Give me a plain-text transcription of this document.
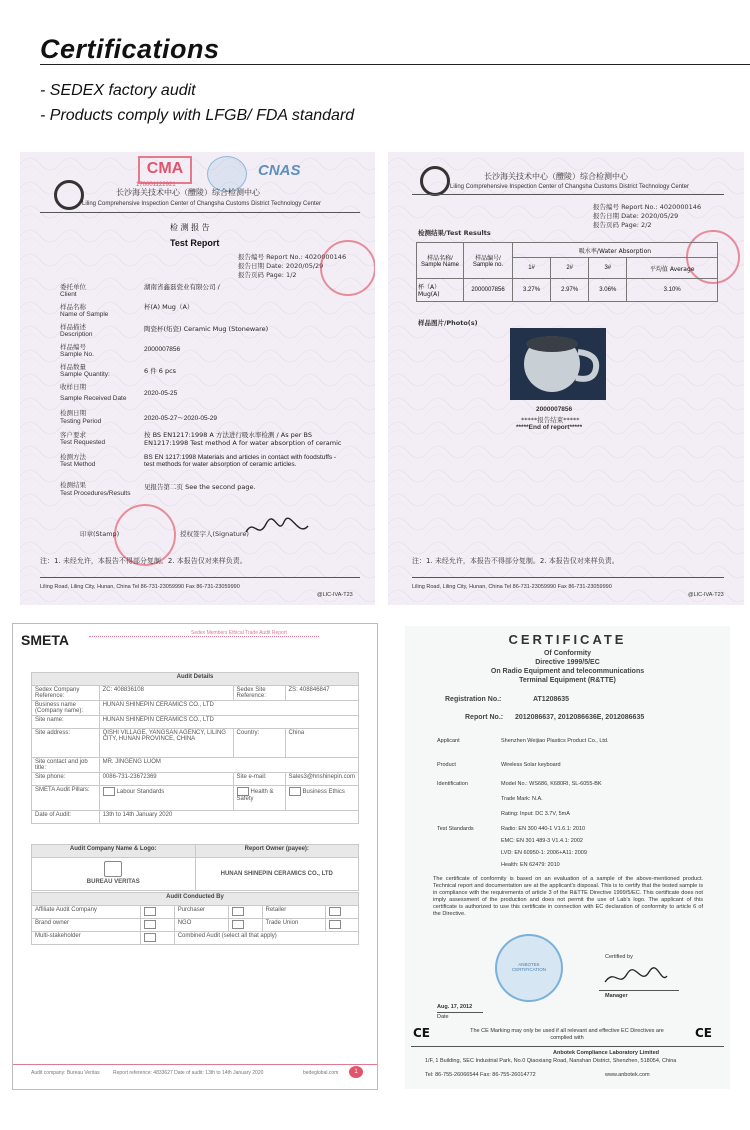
Certifications
- SEDEX factory audit
- Products comply with LFGB/ FDA standard
CMA
170001122921
CNAS
长沙海关技术中心（醴陵）综合检测中心
Liling Comprehensive Inspection Center of Changsha Customs District Technology Center
检 测 报 告
Test Report
报告编号 Report No.: 4020000146
报告日期 Date: 2020/05/29
报告页码 Page: 1/2
委托单位
Client
湖南省鑫磊瓷业有限公司 /
样品名称
Name of Sample
杯(A) Mug（A）
样品描述
Description
陶瓷杯(炻瓷) Ceramic Mug (Stoneware)
样品编号
Sample No.
2000007856
样品数量
Sample Quantity:	6 件 6 pcs
收样日期
Sample Received Date
2020-05-25
检测日期
Testing Period	2020-05-27～2020-05-29
客户要求
Test Requested
按 BS EN1217:1998 A 方法进行吸水率检测 / As per BS EN1217:1998 Test method A for water absorption of ceramic
检测方法
Test Method
BS EN 1217:1998 Materials and articles in contact with foodstuffs - test methods for water absorption of ceramic articles.
检测结果
Test Procedures/Results
见报告第二页 See the second page.
印章(Stamp)	授权签字人(Signature)
注：1. 未经允许，本报告不得部分复制。2. 本报告仅对来样负责。
Liling Road, Liling City, Hunan, China Tel 86-731-23059990 Fax 86-731-23059990
@LIC-IVA-T23
长沙海关技术中心（醴陵）综合检测中心
Liling Comprehensive Inspection Center of Changsha Customs District Technology Center
报告编号 Report No.: 4020000146
报告日期 Date: 2020/05/29
报告页码 Page: 2/2
检测结果/Test Results
样品名称/ Sample Name	样品编号/ Sample no.	吸水率/Water Absorption			
		1#	2#	3#	平均值 Average
杯（A） Mug(A)	2000007856	3.27%	2.97%	3.06%	3.10%
样品图片/Photo(s)
2000007856
*****报告结束*****
*****End of report*****
注：1. 未经允许，本报告不得部分复制。2. 本报告仅对来样负责。
Liling Road, Liling City, Hunan, China Tel 86-731-23059990 Fax 86-731-23059990
@LIC-IVA-T23
SMETA	Sedex Members Ethical Trade Audit Report
Audit Details			
Sedex Company Reference:	ZC: 408836108	Sedex Site Reference:	ZS: 408846847
Business name (Company name):	HUNAN SHINEPIN CERAMICS CO., LTD		
Site name:	HUNAN SHINEPIN CERAMICS CO., LTD		
Site address:	QISHI VILLAGE, YANGSAN AGENCY, LILING CITY, HUNAN PROVINCE, CHINA	Country:	China
Site contact and job title:	MR. JINGENG LUOM		
Site phone:	0086-731-23672369	Site e-mail:	Sales3@hnshinepin.com
SMETA Audit Pillars:	Labour Standards	Health & Safety	Business Ethics
Date of Audit:	13th to 14th January 2020		
Audit Company Name & Logo:	Report Owner (payee):

BUREAU VERITAS	HUNAN SHINEPIN CERAMICS CO., LTD
Audit Conducted By					
Affiliate Audit Company		Purchaser		Retailer	
Brand owner		NGO		Trade Union	
Multi-stakeholder		Combined Audit (select all that apply)			
Audit company: Bureau Veritas	Report reference: 4833627 Date of audit: 13th to 14th January 2020	bedeglobal.com	1
CERTIFICATE
Of Conformity
Directive 1999/5/EC
On Radio Equipment and telecommunications
Terminal Equipment (R&TTE)
Registration No.:	AT1208635
Report No.: 2012086637, 2012086636E, 2012086635
Applicant	Shenzhen Weijiao Plastics Product Co., Ltd.
Product	Wireless Solar keyboard
Identification	Model No.: WS686, K680RI, SL-6055-BK
Trade Mark: N.A.
Rating: Input: DC 3.7V, 5mA
Test Standards	Radio: EN 300 440-1 V1.6.1: 2010
EMC: EN 301 489-3 V1.4.1: 2002
LVD: EN 60950-1: 2006+A11: 2009
Health: EN 62479: 2010
The certificate of conformity is based on an evaluation of a sample of the above-mentioned product. Technical report and documentation are at the applicant's disposal. This is to certify that the tested sample is in compliance with the requirements of article 3 of the R&TTE Directive 1999/5/EC. This certificate does not imply assessment of the production and does not permit the use of Lab's logo. The applicant of this certificate is authorized to use this certificate in connection with EC declaration of conformity to article 6 of the Directive.
ANBOTEK CERTIFICATION
Certified by
Manager
Aug. 17, 2012
Date
CE	The CE Marking may only be used if all relevant and effective EC Directives are complied with	CE
Anbotek Compliance Laboratory Limited
1/F, 1 Building, SEC Industrial Park, No.0 Qiaoxiang Road, Nanshan District, Shenzhen, 518054, China
Tel: 86-755-26066544 Fax: 86-755-26014772	www.anbotek.com
